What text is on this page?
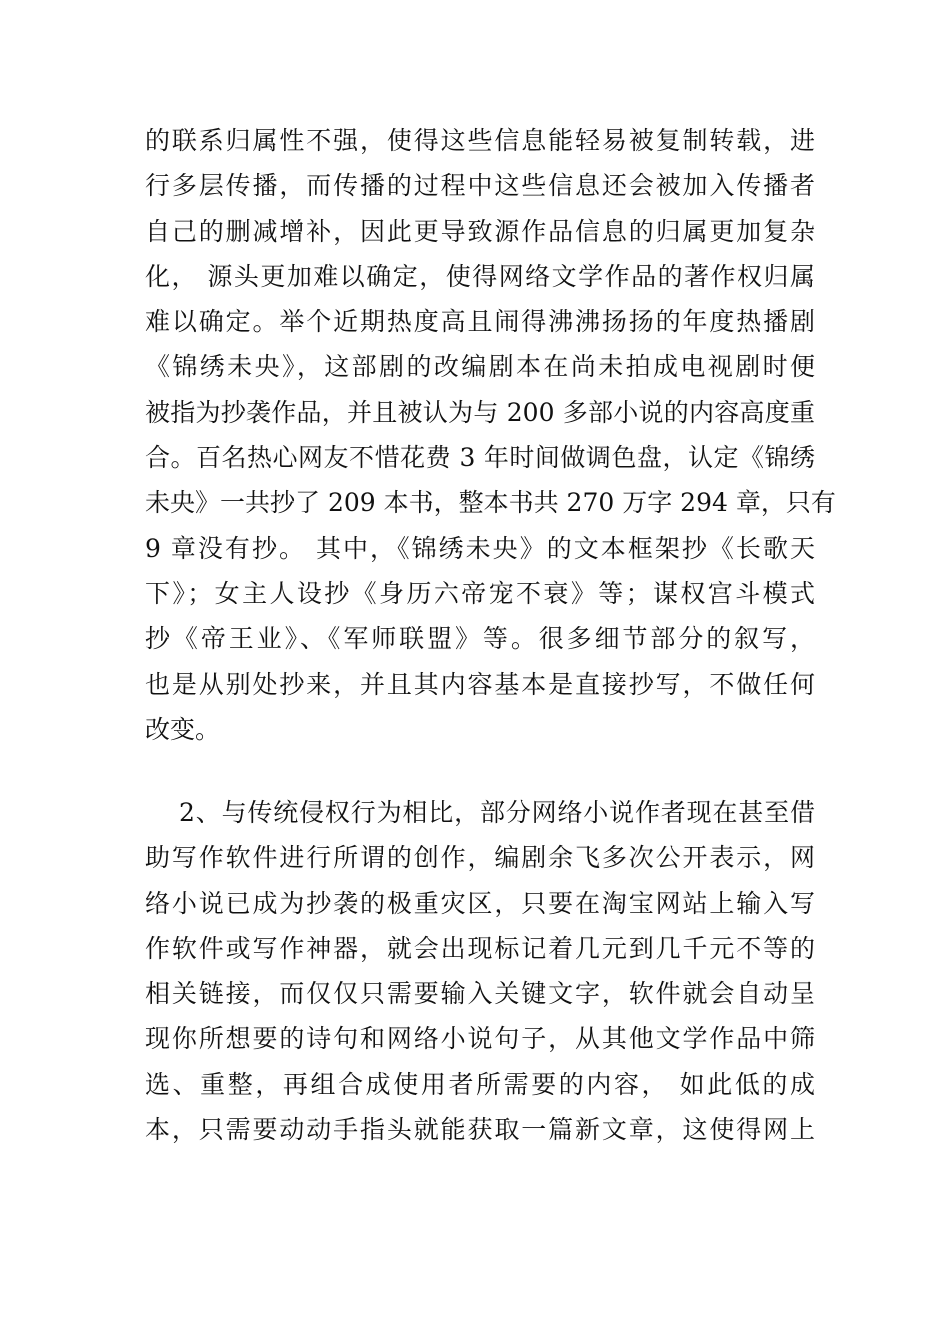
的联系归属性不强，使得这些信息能轻易被复制转载，进
行多层传播，而传播的过程中这些信息还会被加入传播者
自己的删减增补，因此更导致源作品信息的归属更加复杂
化， 源头更加难以确定，使得网络文学作品的著作权归属
难以确定。举个近期热度高且闹得沸沸扬扬的年度热播剧
《锦绣未央》，这部剧的改编剧本在尚未拍成电视剧时便
被指为抄袭作品，并且被认为与 200 多部小说的内容高度重
合。百名热心网友不惜花费 3 年时间做调色盘，认定《锦绣
未央》一共抄了 209 本书，整本书共 270 万字 294 章，只有
9 章没有抄。 其中，《锦绣未央》的文本框架抄《长歌天
下》；女主人设抄《身历六帝宠不衰》等；谋权宫斗模式
抄《帝王业》、《军师联盟》等。很多细节部分的叙写，
也是从别处抄来，并且其内容基本是直接抄写，不做任何
改变。
2、与传统侵权行为相比，部分网络小说作者现在甚至借
助写作软件进行所谓的创作，编剧余飞多次公开表示，网
络小说已成为抄袭的极重灾区，只要在淘宝网站上输入写
作软件或写作神器，就会出现标记着几元到几千元不等的
相关链接，而仅仅只需要输入关键文字，软件就会自动呈
现你所想要的诗句和网络小说句子，从其他文学作品中筛
选、重整，再组合成使用者所需要的内容， 如此低的成
本，只需要动动手指头就能获取一篇新文章，这使得网上
